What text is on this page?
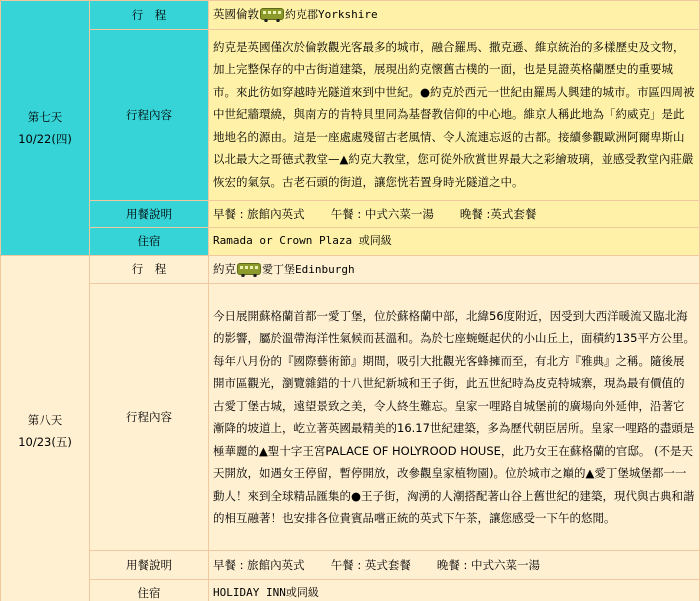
第七天
10/22(四)	行　程	英國倫敦 約克郡Yorkshire
	行程內容	約克是英國僅次於倫敦觀光客最多的城市，融合羅馬、撒克遜、維京統治的多樣歷史及文物，加上完整保存的中古街道建築，展現出約克懷舊古樸的一面，也是見證英格蘭歷史的重要城市。來此彷如穿越時光隧道來到中世紀。●約克於西元一世紀由羅馬人興建的城市。市區四周被中世紀牆環繞，與南方的肯特貝里同為基督教信仰的中心地。維京人稱此地為「約威克」是此地地名的源由。這是一座處處殘留古老風情、令人流連忘返的古都。接續參觀歐洲阿爾卑斯山以北最大之哥德式教堂—▲約克大教堂，您可從外欣賞世界最大之彩繪玻璃，並感受教堂內莊嚴恢宏的氣氛。古老石頭的街道，讓您恍若置身時光隧道之中。
	用餐說明	早餐 : 旅館內英式 午餐 : 中式六菜一湯 晚餐 :英式套餐
	住宿	Ramada or Crown Plaza 或同級

第八天
10/23(五)	行　程	約克 愛丁堡Edinburgh
	行程內容	今日展開蘇格蘭首都一愛丁堡，位於蘇格蘭中部，北緯56度附近，因受到大西洋暖流又臨北海的影響，屬於溫帶海洋性氣候而甚溫和。為於七座蜿蜒起伏的小山丘上，面積約135平方公里。每年八月份的『國際藝術節』期間，吸引大批觀光客蜂擁而至，有北方『雅典』之稱。隨後展開市區觀光，瀏覽雜錯的十八世紀新城和王子街，此五世紀時為皮克特城寨，現為最有價值的古愛丁堡古城，遠望景致之美，令人終生難忘。皇家一哩路自城堡前的廣場向外延伸，沿著它漸降的坡道上，屹立著英國最精美的16.17世紀建築，多為歷代朝臣居所。皇家一哩路的盡頭是極華麗的▲聖十字王宮PALACE OF HOLYROOD HOUSE，此乃女王在蘇格蘭的官邸。 (不是天天開放，如遇女王停留，暫停開放，改參觀皇家植物園)。位於城市之巔的▲愛丁堡城堡都一一動人！來到全球精品匯集的●王子街，洶湧的人潮搭配著山谷上舊世紀的建築，現代與古典和諧的相互融著！也安排各位貴賓品嚐正統的英式下午茶，讓您感受一下午的悠閒。
	用餐說明	早餐 : 旅館內英式 午餐 : 英式套餐 晚餐 : 中式六菜一湯
	住宿	HOLIDAY INN或同級
